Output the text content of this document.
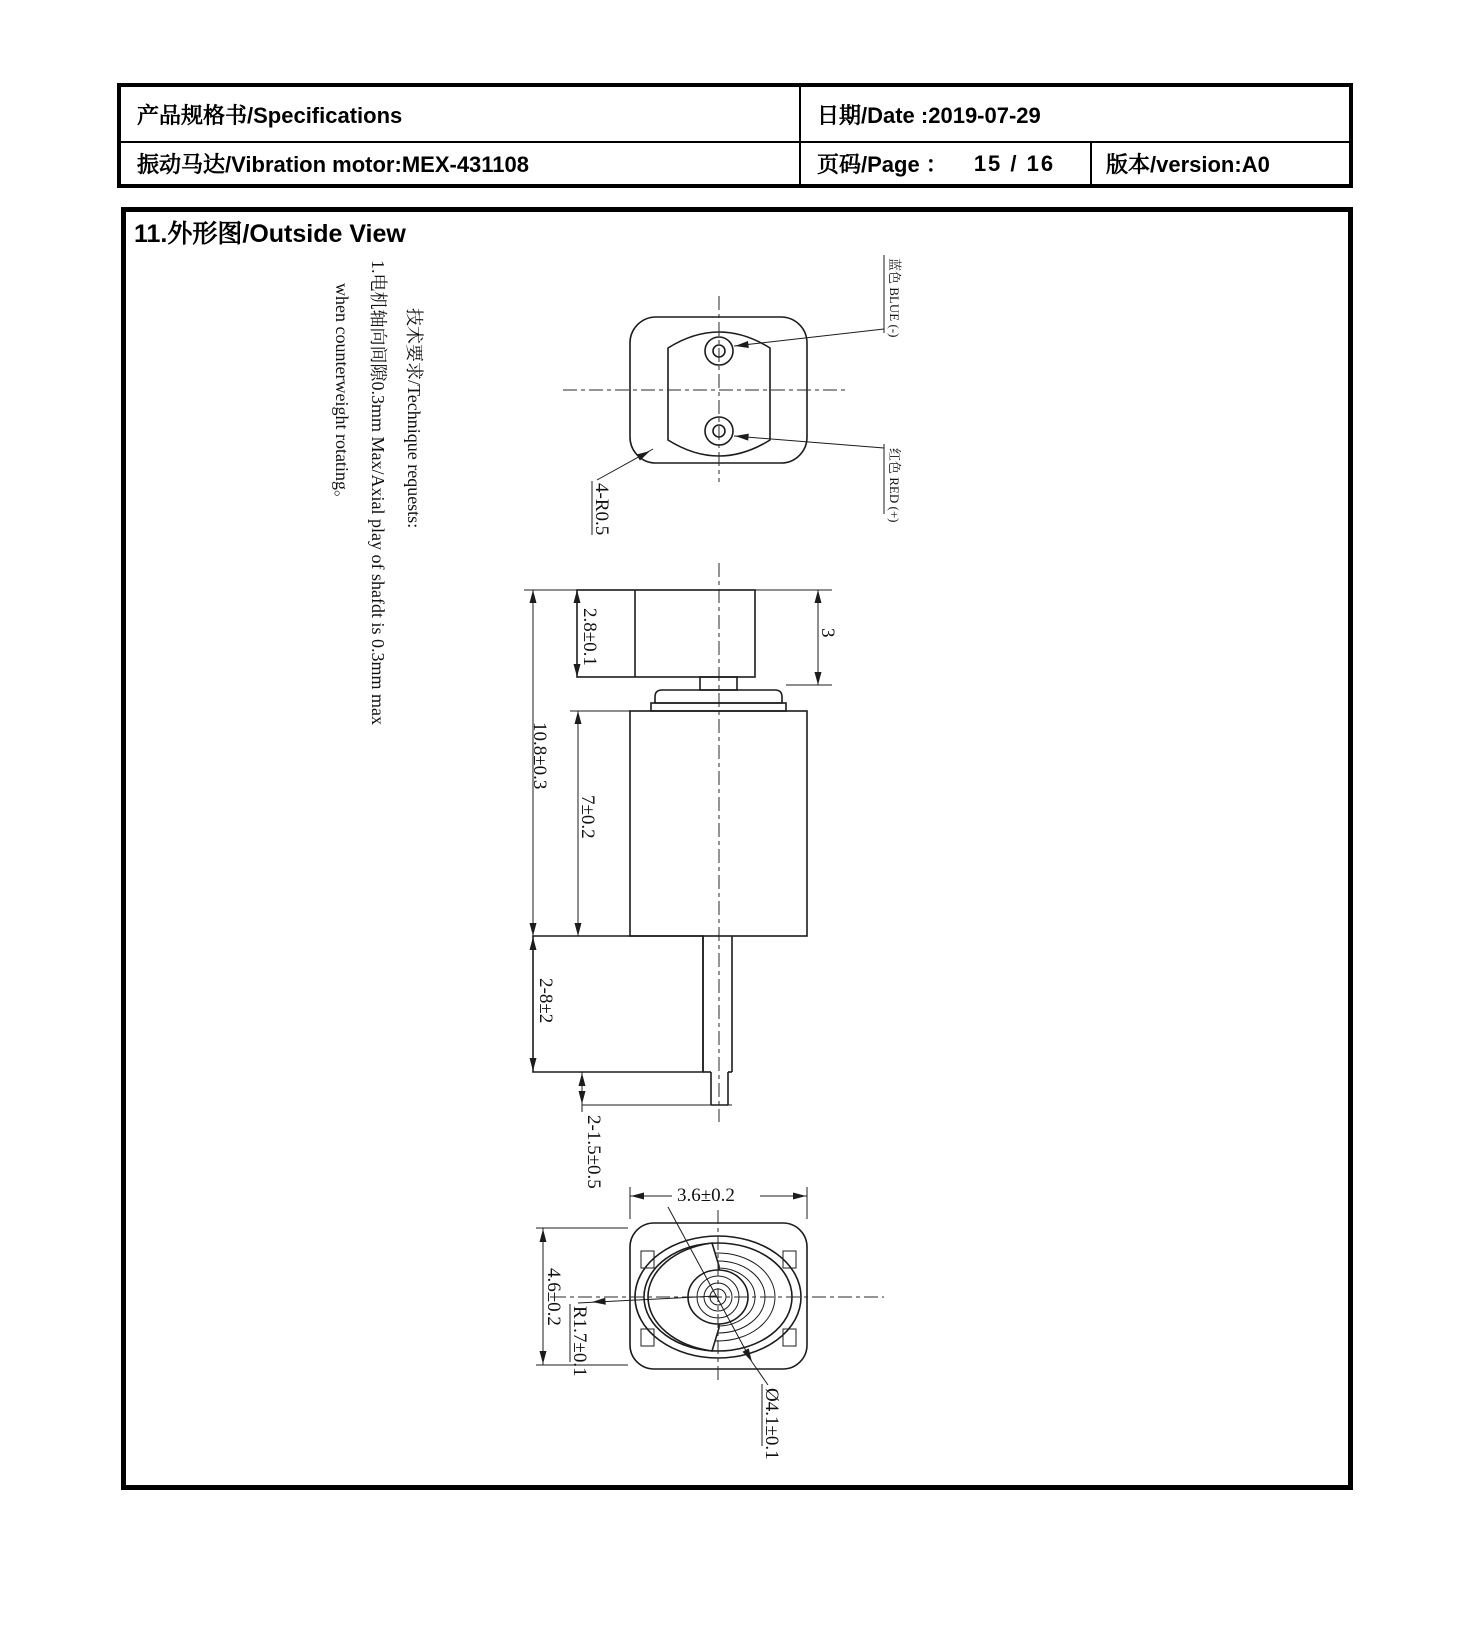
产品规格书/Specifications	日期/Date :2019-07-29
振动马达/Vibration motor:MEX-431108	页码/Page ： 15 / 16 版本/version:A0
11.外形图/Outside View
技术要求/Technique requests:
1.电机轴向间隙0.3mm Max/Axial play of shafdt is 0.3mm max
when counterweight rotating。	蓝色 BLUE (-)
红色 RED (+)
4-R0.5
2.8±0.1
10.8±0.3
3
7±0.2
2-8±2
2-1.5±0.5
3.6±0.2
4.6±0.2
R1.7±0.1
Ø4.1±0.1
